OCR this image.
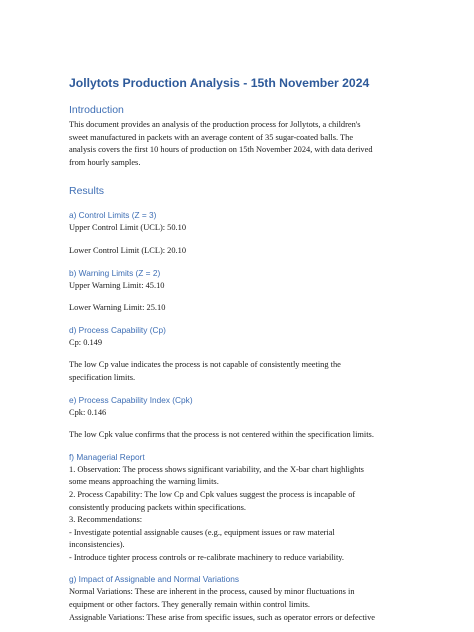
Jollytots Production Analysis - 15th November 2024
Introduction

This document provides an analysis of the production process for Jollytots, a children's

sweet manufactured in packets with an average content of 35 sugar-coated balls. The

analysis covers the first 10 hours of production on 15th November 2024, with data derived

from hourly samples.

Results
a) Control Limits (Z = 3)

Upper Control Limit (UCL): 50.10

Lower Control Limit (LCL): 20.10

b) Warning Limits (Z = 2)

Upper Warning Limit: 45.10

Lower Warning Limit: 25.10

d) Process Capability (Cp)

Cp: 0.149

The low Cp value indicates the process is not capable of consistently meeting the

specification limits.

e) Process Capability Index (Cpk)

Cpk: 0.146

The low Cpk value confirms that the process is not centered within the specification limits.

f) Managerial Report

1. Observation: The process shows significant variability, and the X-bar chart highlights

some means approaching the warning limits.

2. Process Capability: The low Cp and Cpk values suggest the process is incapable of

consistently producing packets within specifications.

3. Recommendations:

- Investigate potential assignable causes (e.g., equipment issues or raw material

inconsistencies).

- Introduce tighter process controls or re-calibrate machinery to reduce variability.

g) Impact of Assignable and Normal Variations

Normal Variations: These are inherent in the process, caused by minor fluctuations in

equipment or other factors. They generally remain within control limits.

Assignable Variations: These arise from specific issues, such as operator errors or defective
